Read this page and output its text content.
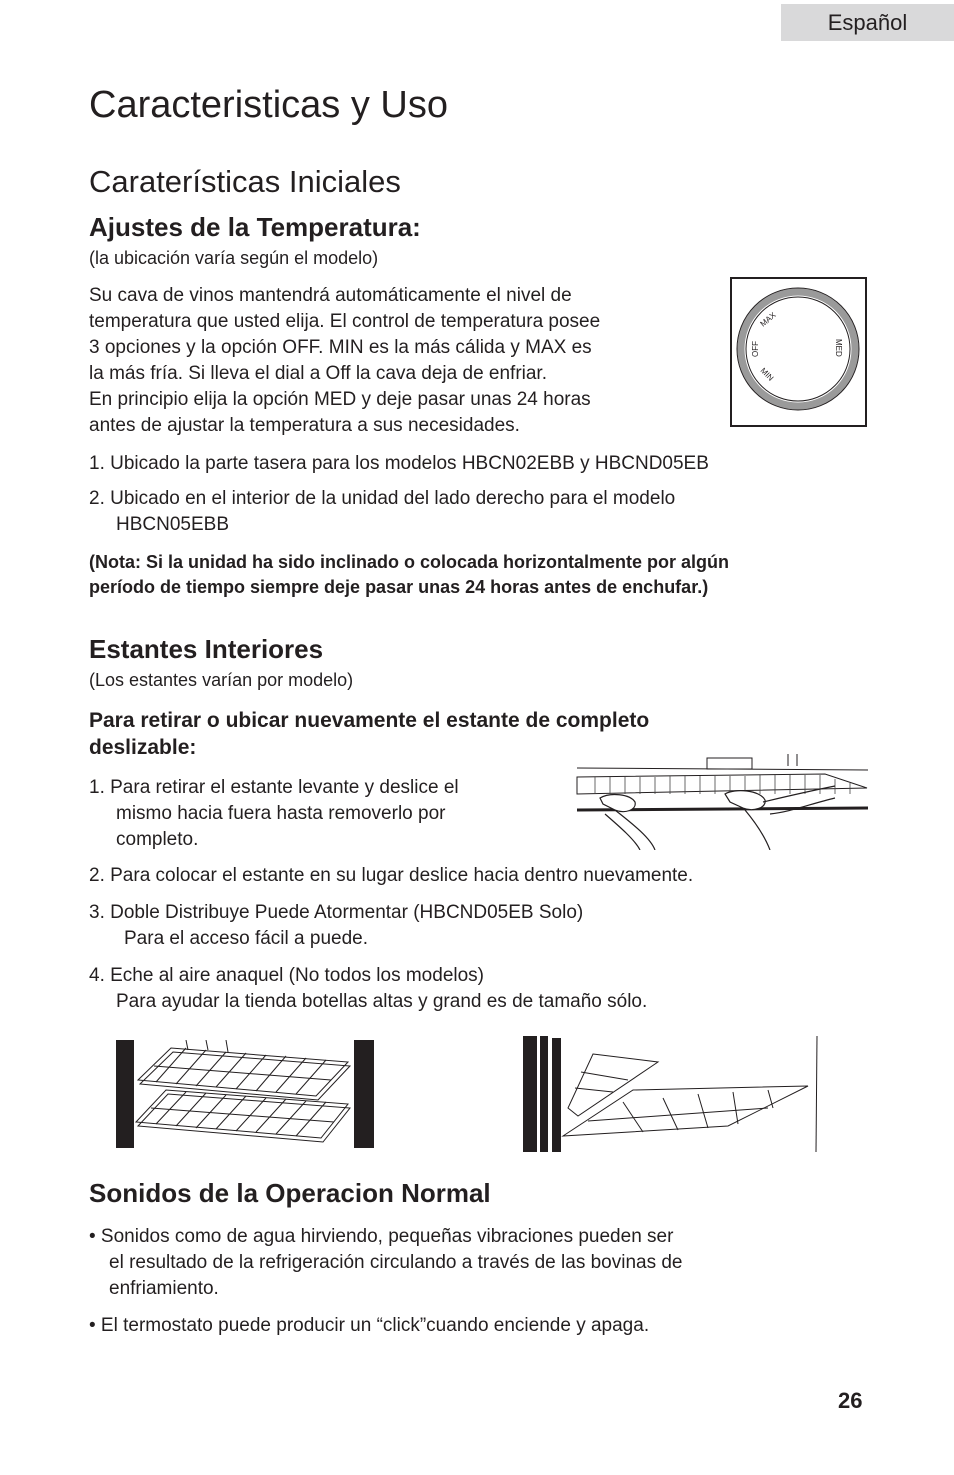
Español
Caracteristicas y Uso
Caraterísticas Iniciales
Ajustes de la Temperatura:
(la ubicación varía según el modelo)
Su cava de vinos mantendrá automáticamente el nivel de
temperatura que usted elija. El control de temperatura posee
3 opciones y la opción OFF. MIN es la más cálida y MAX es
la más fría. Si lleva el dial a Off la cava deja de enfriar.
En principio elija la opción MED y deje pasar unas 24 horas
antes de ajustar la temperatura a sus necesidades.
OFF
MAX
MED
MIN
1. Ubicado la parte tasera para los modelos HBCN02EBB y HBCND05EB
2. Ubicado en el interior de la unidad del lado derecho para el modelo
HBCN05EBB
(Nota: Si la unidad ha sido inclinado o colocada horizontalmente por algún
período de tiempo siempre deje pasar unas 24 horas antes de enchufar.)
Estantes Interiores
(Los estantes varían por modelo)
Para retirar o ubicar nuevamente el estante de completo
deslizable:
1. Para retirar el estante levante y deslice el
mismo hacia fuera hasta removerlo por
completo.
2. Para colocar el estante en su lugar deslice hacia dentro nuevamente.
3. Doble Distribuye Puede Atormentar (HBCND05EB Solo)
Para el acceso fácil a puede.
4. Eche al aire anaquel (No todos los modelos)
Para ayudar la tienda botellas altas y grand es de tamaño sólo.
Sonidos de la Operacion Normal
• Sonidos como de agua hirviendo, pequeñas vibraciones pueden ser
el resultado de la refrigeración circulando a través de las bovinas de
enfriamiento.
• El termostato puede producir un “click”cuando enciende y apaga.
26
